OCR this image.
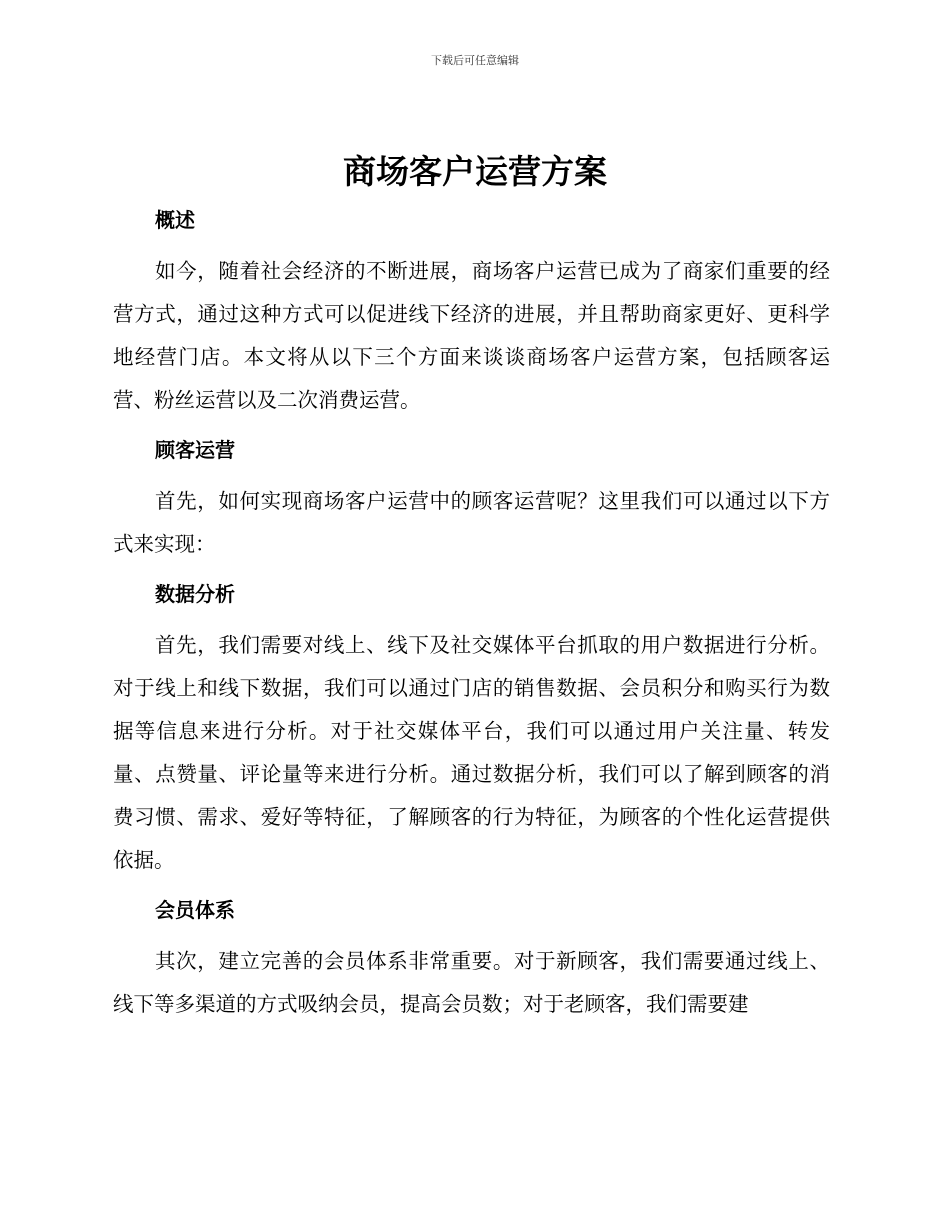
下载后可任意编辑
商场客户运营方案
概述

如今，随着社会经济的不断进展，商场客户运营已成为了商家们重要的经营方式，通过这种方式可以促进线下经济的进展，并且帮助商家更好、更科学地经营门店。本文将从以下三个方面来谈谈商场客户运营方案，包括顾客运营、粉丝运营以及二次消费运营。

顾客运营

首先，如何实现商场客户运营中的顾客运营呢？这里我们可以通过以下方式来实现：

数据分析

首先，我们需要对线上、线下及社交媒体平台抓取的用户数据进行分析。对于线上和线下数据，我们可以通过门店的销售数据、会员积分和购买行为数据等信息来进行分析。对于社交媒体平台，我们可以通过用户关注量、转发量、点赞量、评论量等来进行分析。通过数据分析，我们可以了解到顾客的消费习惯、需求、爱好等特征，了解顾客的行为特征，为顾客的个性化运营提供依据。

会员体系

其次，建立完善的会员体系非常重要。对于新顾客，我们需要通过线上、线下等多渠道的方式吸纳会员，提高会员数；对于老顾客，我们需要建
